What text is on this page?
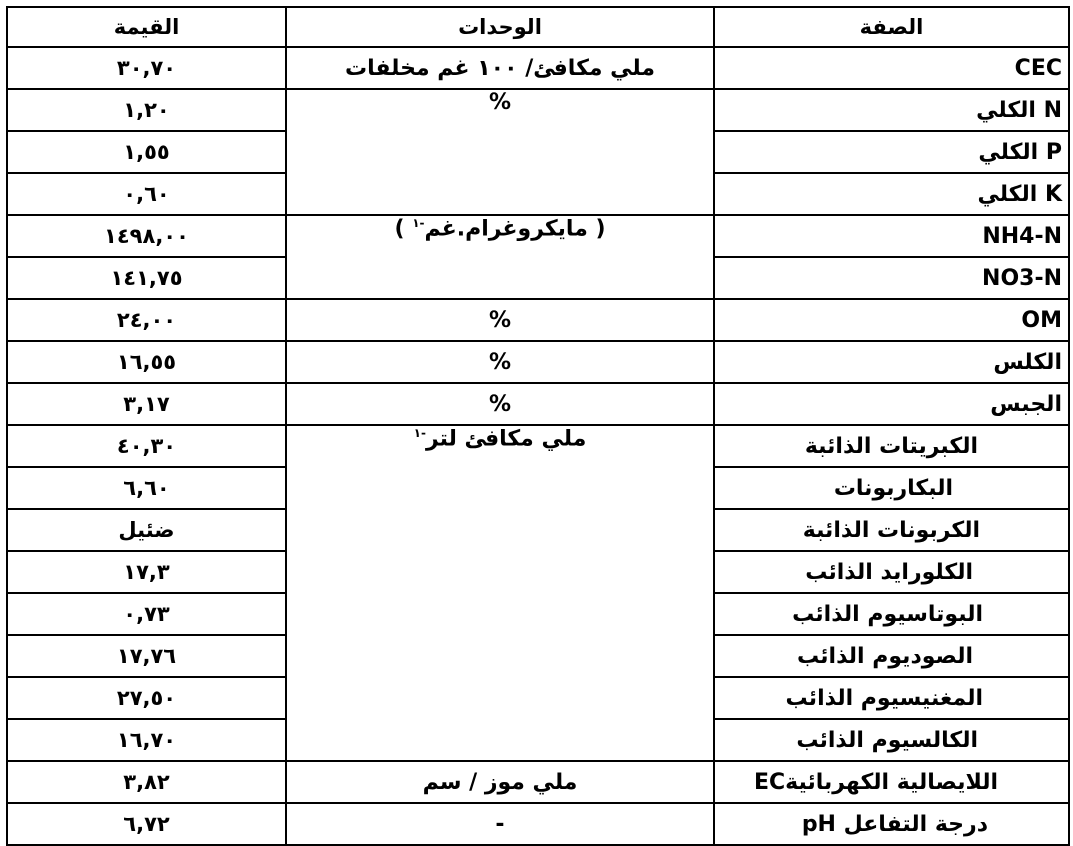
الصفة	الوحدات	القيمة
CEC	ملي مكافئ/ ١٠٠ غم مخلفات	٣٠,٧٠
N الكلي	%	١,٢٠
P الكلي		١,٥٥
K الكلي		٠,٦٠
NH4-N	( مايكروغرام.غم$^{-١}$ )	١٤٩٨,٠٠
NO3-N		١٤١,٧٥
OM	%	٢٤,٠٠
الكلس	%	١٦,٥٥
الجبس	%	٣,١٧
الكبريتات الذائبة	ملي مكافئ لتر$^{-١}$	٤٠,٣٠
البكاربونات		٦,٦٠
الكربونات الذائبة		ضئيل
الكلورايد الذائب		١٧,٣
البوتاسيوم الذائب		٠,٧٣
الصوديوم الذائب		١٧,٧٦
المغنيسيوم الذائب		٢٧,٥٠
الكالسيوم الذائب		١٦,٧٠
اللايصالية الكهربائيةEC	ملي موز / سم	٣,٨٢
درجة التفاعل pH	-	٦,٧٢
